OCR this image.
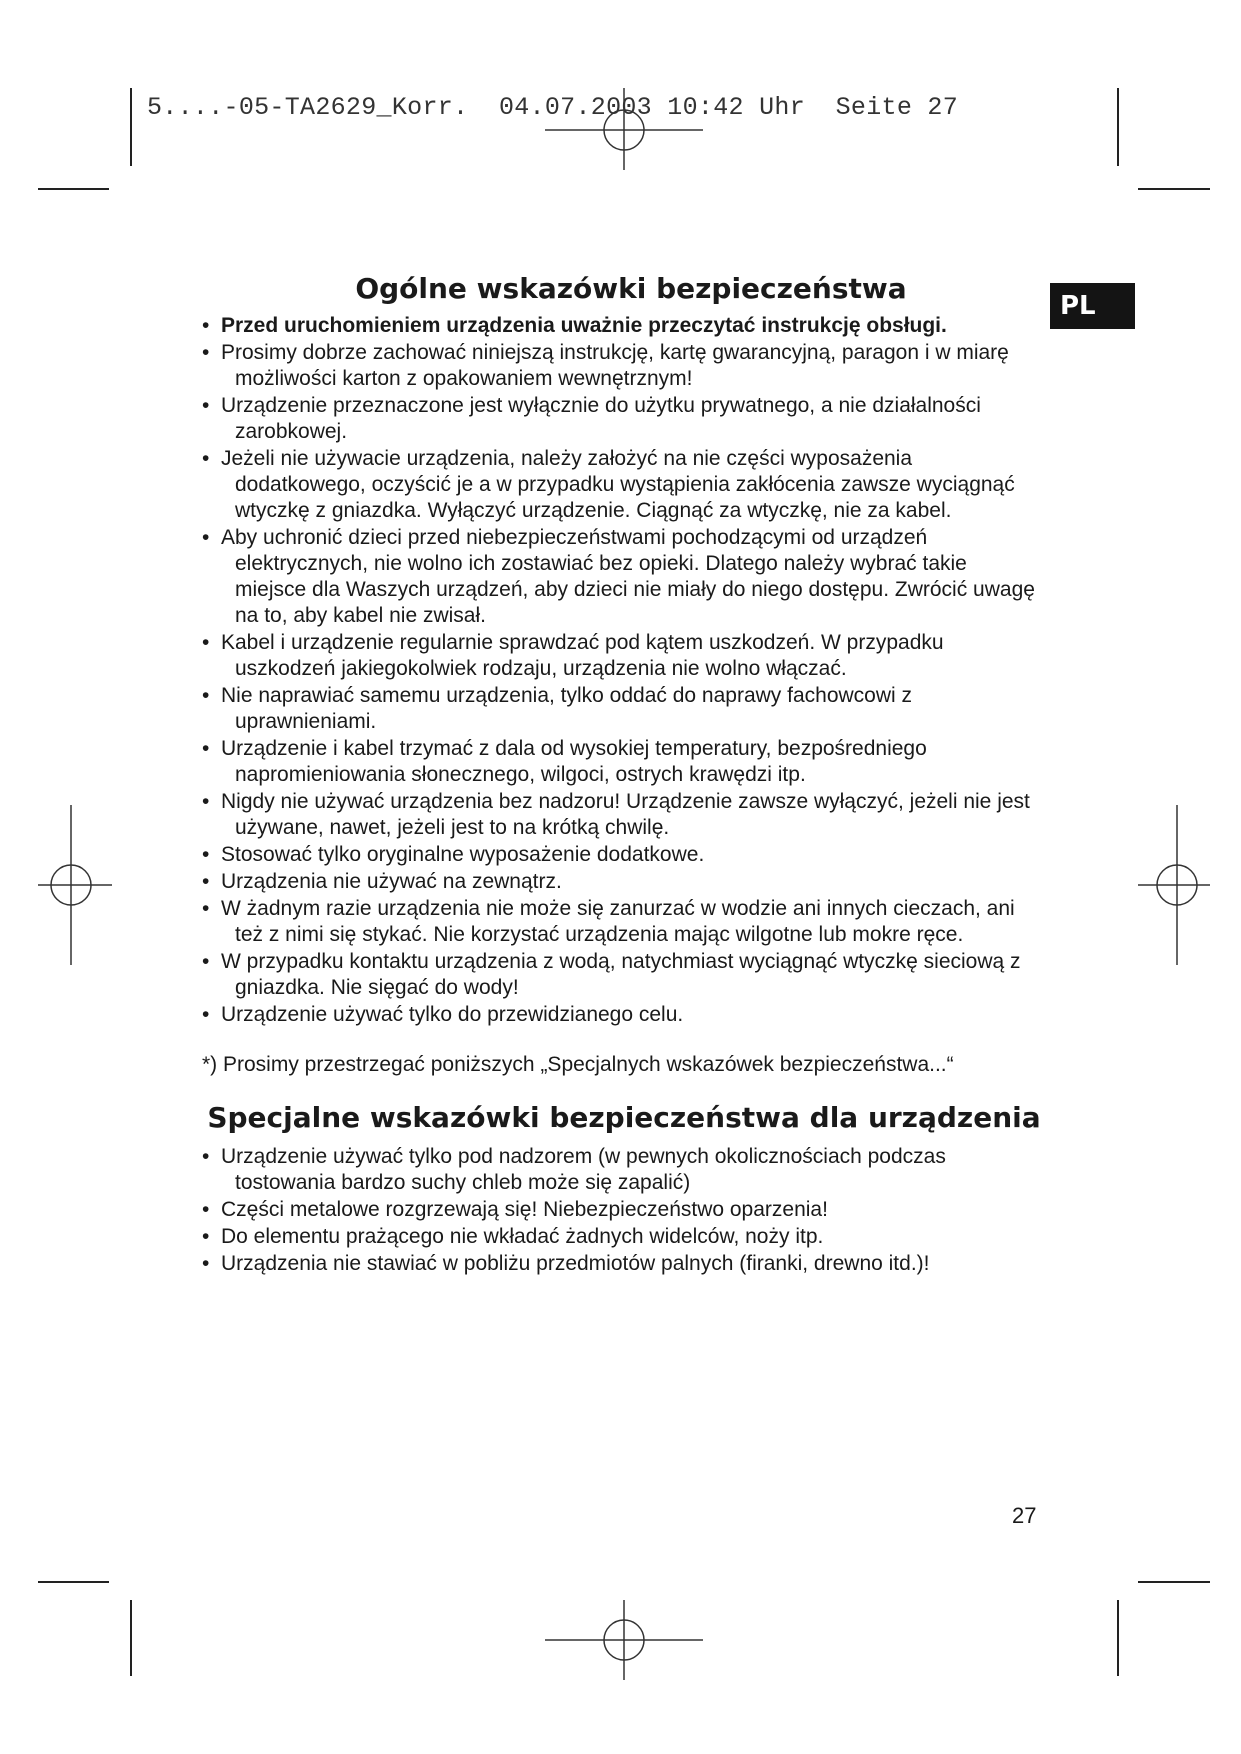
5....-05-TA2629_Korr.  04.07.2003 10:42 Uhr  Seite 27
PL
Ogólne wskazówki bezpieczeństwa
• Przed uruchomieniem urządzenia uważnie przeczytać instrukcję obsługi.
• Prosimy dobrze zachować niniejszą instrukcję, kartę gwarancyjną, paragon i w miarę możliwości karton z opakowaniem wewnętrznym!
• Urządzenie przeznaczone jest wyłącznie do użytku prywatnego, a nie działalności zarobkowej.
• Jeżeli nie używacie urządzenia, należy założyć na nie części wyposażenia dodatkowego, oczyścić je a w przypadku wystąpienia zakłócenia zawsze wyciągnąć wtyczkę z gniazdka. Wyłączyć urządzenie. Ciągnąć za wtyczkę, nie za kabel.
• Aby uchronić dzieci przed niebezpieczeństwami pochodzącymi od urządzeń elektrycznych, nie wolno ich zostawiać bez opieki. Dlatego należy wybrać takie miejsce dla Waszych urządzeń, aby dzieci nie miały do niego dostępu. Zwrócić uwagę na to, aby kabel nie zwisał.
• Kabel i urządzenie regularnie sprawdzać pod kątem uszkodzeń. W przypadku uszkodzeń jakiegokolwiek rodzaju, urządzenia nie wolno włączać.
• Nie naprawiać samemu urządzenia, tylko oddać do naprawy fachowcowi z uprawnieniami.
• Urządzenie i kabel trzymać z dala od wysokiej temperatury, bezpośredniego napromieniowania słonecznego, wilgoci, ostrych krawędzi itp.
• Nigdy nie używać urządzenia bez nadzoru! Urządzenie zawsze wyłączyć, jeżeli nie jest używane, nawet, jeżeli jest to na krótką chwilę.
• Stosować tylko oryginalne wyposażenie dodatkowe.
• Urządzenia nie używać na zewnątrz.
• W żadnym razie urządzenia nie może się zanurzać w wodzie ani innych cieczach, ani też z nimi się stykać. Nie korzystać urządzenia mając wilgotne lub mokre ręce.
• W przypadku kontaktu urządzenia z wodą, natychmiast wyciągnąć wtyczkę sieciową z gniazdka. Nie sięgać do wody!
• Urządzenie używać tylko do przewidzianego celu.

*) Prosimy przestrzegać poniższych „Specjalnych wskazówek bezpieczeństwa...“

Specjalne wskazówki bezpieczeństwa dla urządzenia
• Urządzenie używać tylko pod nadzorem (w pewnych okolicznościach podczas tostowania bardzo suchy chleb może się zapalić)
• Części metalowe rozgrzewają się! Niebezpieczeństwo oparzenia!
• Do elementu prażącego nie wkładać żadnych widelców, noży itp.
• Urządzenia nie stawiać w pobliżu przedmiotów palnych (firanki, drewno itd.)!
27
